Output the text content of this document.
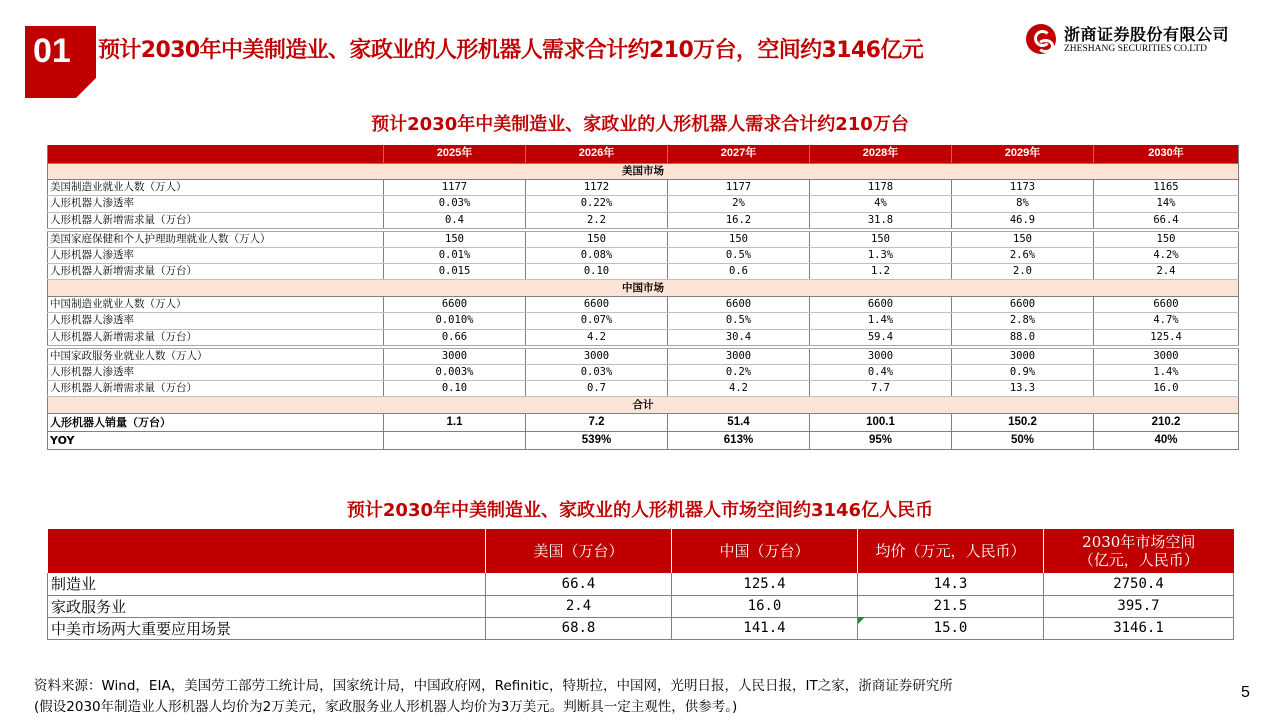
01 预计2030年中美制造业、家政业的人形机器人需求合计约210万台，空间约3146亿元
浙商证券股份有限公司
ZHESHANG SECURITIES CO.LTD
预计2030年中美制造业、家政业的人形机器人需求合计约210万台
	2025年	2026年	2027年	2028年	2029年	2030年
美国市场						
美国制造业就业人数（万人）	1177	1172	1177	1178	1173	1165
人形机器人渗透率	0.03%	0.22%	2%	4%	8%	14%
人形机器人新增需求量（万台）	0.4	2.2	16.2	31.8	46.9	66.4
美国家庭保健和个人护理助理就业人数（万人）	150	150	150	150	150	150
人形机器人渗透率	0.01%	0.08%	0.5%	1.3%	2.6%	4.2%
人形机器人新增需求量（万台）	0.015	0.10	0.6	1.2	2.0	2.4
中国市场						
中国制造业就业人数（万人）	6600	6600	6600	6600	6600	6600
人形机器人渗透率	0.010%	0.07%	0.5%	1.4%	2.8%	4.7%
人形机器人新增需求量（万台）	0.66	4.2	30.4	59.4	88.0	125.4
中国家政服务业就业人数（万人）	3000	3000	3000	3000	3000	3000
人形机器人渗透率	0.003%	0.03%	0.2%	0.4%	0.9%	1.4%
人形机器人新增需求量（万台）	0.10	0.7	4.2	7.7	13.3	16.0
合计						
人形机器人销量（万台）	1.1	7.2	51.4	100.1	150.2	210.2
YOY		539%	613%	95%	50%	40%
预计2030年中美制造业、家政业的人形机器人市场空间约3146亿人民币
	美国（万台）	中国（万台）	均价（万元，人民币）	2030年市场空间
（亿元，人民币）
制造业	66.4	125.4	14.3	2750.4
家政服务业	2.4	16.0	21.5	395.7
中美市场两大重要应用场景	68.8	141.4	15.0	3146.1
资料来源：Wind，EIA，美国劳工部劳工统计局，国家统计局，中国政府网，Refinitic，特斯拉，中国网，光明日报，人民日报，IT之家，浙商证券研究所
(假设2030年制造业人形机器人均价为2万美元，家政服务业人形机器人均价为3万美元。判断具一定主观性，供参考。)
5
